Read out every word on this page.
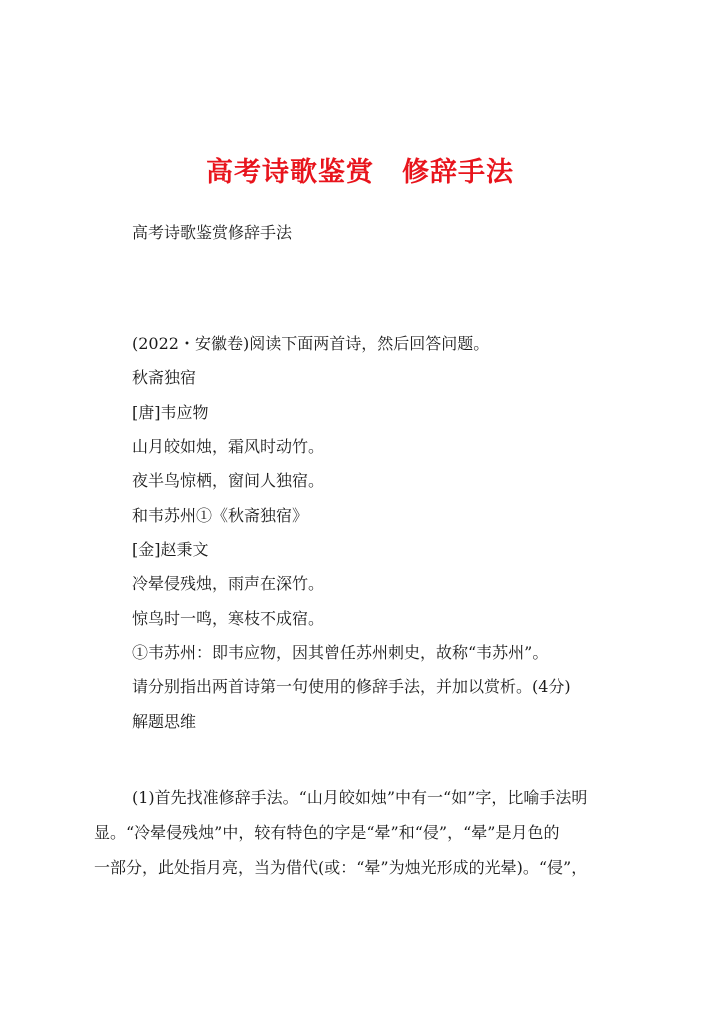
高考诗歌鉴赏　修辞手法
高考诗歌鉴赏修辞手法
(2022・安徽卷)阅读下面两首诗，然后回答问题。
秋斋独宿
[唐]韦应物
山月皎如烛，霜风时动竹。
夜半鸟惊栖，窗间人独宿。
和韦苏州①《秋斋独宿》
[金]赵秉文
冷晕侵残烛，雨声在深竹。
惊鸟时一鸣，寒枝不成宿。
①韦苏州：即韦应物，因其曾任苏州刺史，故称“韦苏州”。
请分别指出两首诗第一句使用的修辞手法，并加以赏析。(4分)
解题思维
(1)首先找准修辞手法。“山月皎如烛”中有一“如”字，比喻手法明
显。“冷晕侵残烛”中，较有特色的字是“晕”和“侵”，“晕”是月色的
一部分，此处指月亮，当为借代(或：“晕”为烛光形成的光晕)。“侵”，
